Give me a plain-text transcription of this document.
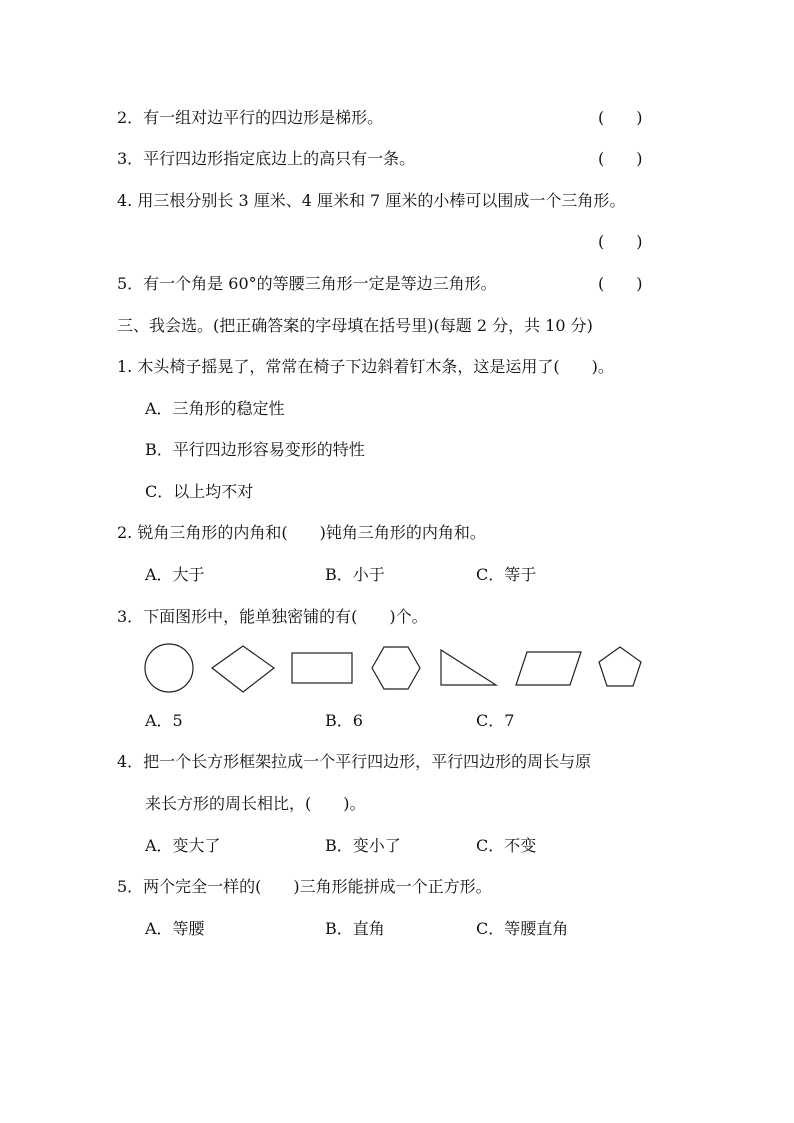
2．有一组对边平行的四边形是梯形。	(　　)
3．平行四边形指定底边上的高只有一条。	(　　)
4. 用三根分别长 3 厘米、4 厘米和 7 厘米的小棒可以围成一个三角形。
(　　)
5．有一个角是 60°的等腰三角形一定是等边三角形。	(　　)
三、我会选。(把正确答案的字母填在括号里)(每题 2 分，共 10 分)
1. 木头椅子摇晃了，常常在椅子下边斜着钉木条，这是运用了(　　)。
A．三角形的稳定性
B．平行四边形容易变形的特性
C．以上均不对
2. 锐角三角形的内角和(　　)钝角三角形的内角和。
A．大于	B．小于	C．等于
3．下面图形中，能单独密铺的有(　　)个。
A．5	B．6	C．7
4．把一个长方形框架拉成一个平行四边形，平行四边形的周长与原
来长方形的周长相比，(　　)。
A．变大了	B．变小了	C．不变
5．两个完全一样的(　　)三角形能拼成一个正方形。
A．等腰	B．直角	C．等腰直角
